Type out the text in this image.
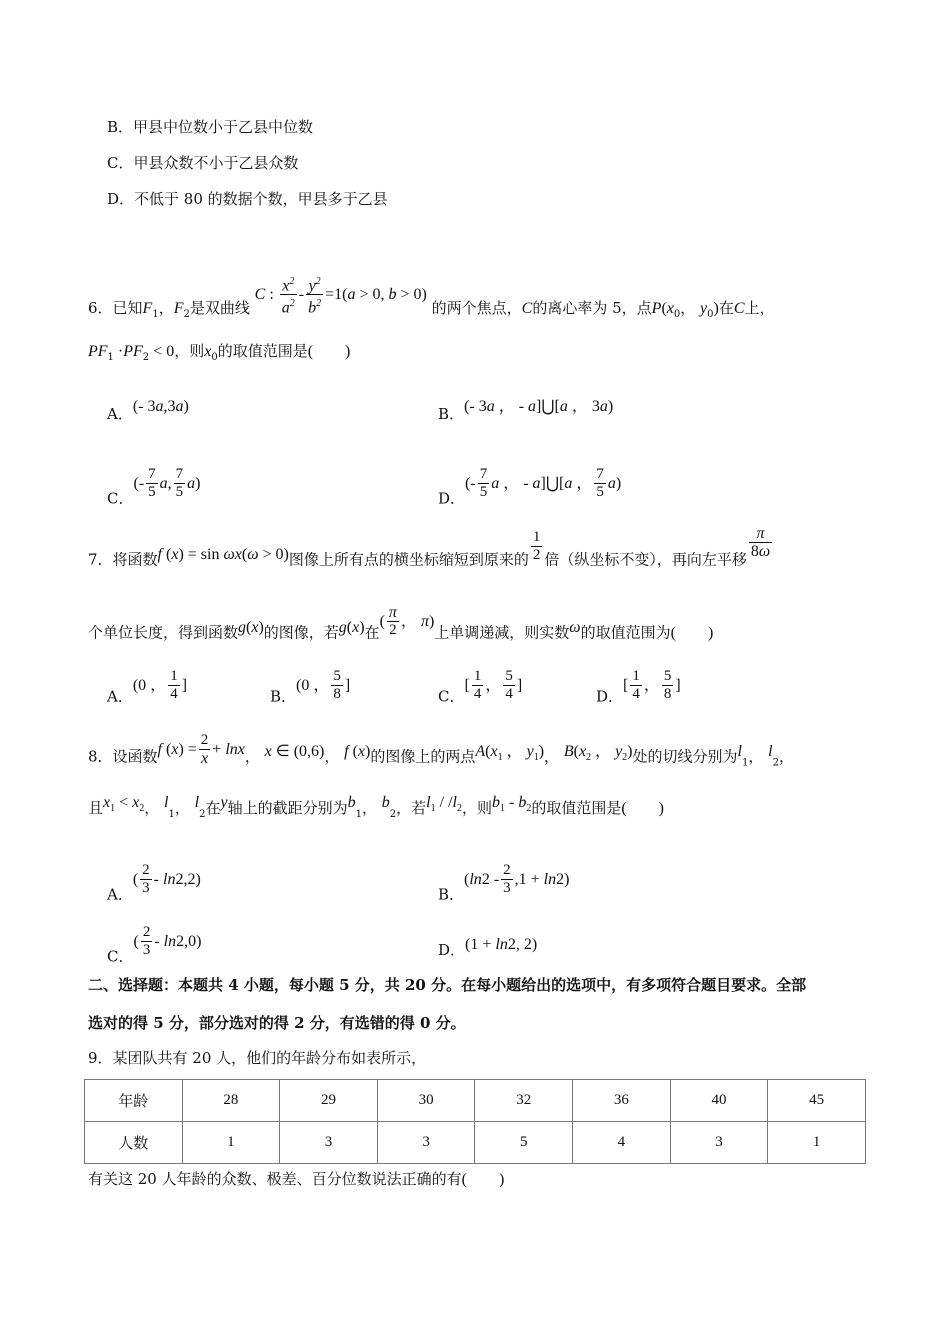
B．甲县中位数小于乙县中位数
C．甲县众数不小于乙县众数
D．不低于 80 的数据个数，甲县多于乙县
6．已知$F_1$，$F_2$是双曲线 C : $\frac{x^2}{a^2} - \frac{y^2}{b^2} =1(a > 0$, b > 0) 的两个焦点，C的离心率为 5，点$P(x_0$， $y_0$)在C上，
$PF_1 \cdot PF_2 < 0$，则$x_0$的取值范围是(　　)
A．(- 3a,3a)	B．(- 3a ， - a]⋃[a ， 3a)
C．(- $\frac{7}{5} a$, $\frac{7}{5} a$)
D．(- $\frac{7}{5}$ a ， - a]⋃[a ， $\frac{7}{5} a$)
7．将函数f (x) = sin ωx(ω > 0)图像上所有点的横坐标缩短到原来的 $\frac{1}{2}$ 倍（纵坐标不变），再向左平移 $\frac{\pi}{8\omega}$
个单位长度，得到函数g(x)的图像，若g(x)在( $\frac{\pi}{2}$ ， π)上单调递减，则实数ω的取值范围为(　　)
A．(0 ， $\frac{1}{4}$ ]
B．(0 ， $\frac{5}{8}$ ]
C．[ $\frac{1}{4}$ ， $\frac{5}{4}$ ]
D．[ $\frac{1}{4}$ ， $\frac{5}{8}$ ]
8．设函数f $(x) = \frac{2}{x} + \ln x$， x ∈ (0,6)， f (x)的图像上的两点$A(x_1$ ， $y_1$)， $B(x_2$ ， $y_2$)处的切线分别为$l_1$， $l_2$，
且$x_1 < x_2$， $l_1$， $l_2$在y轴上的截距分别为$b_1$， $b_2$，若$l_1 / /l_2$，则$b_1 - b_2$的取值范围是(　　)
A．( $\frac{2}{3} - \ln 2,2$)
B．$(\ln 2 - \frac{2}{3} ,1 + \ln 2)$
C．( $\frac{2}{3} - \ln 2,0$)	D．(1 + ln2, 2)
二、选择题：本题共 4 小题，每小题 5 分，共 20 分。在每小题给出的选项中，有多项符合题目要求。全部
选对的得 5 分，部分选对的得 2 分，有选错的得 0 分。
9．某团队共有 20 人，他们的年龄分布如表所示，
年龄	28	29	30	32	36	40	45
人数	1	3	3	5	4	3	1
有关这 20 人年龄的众数、极差、百分位数说法正确的有(　　)
